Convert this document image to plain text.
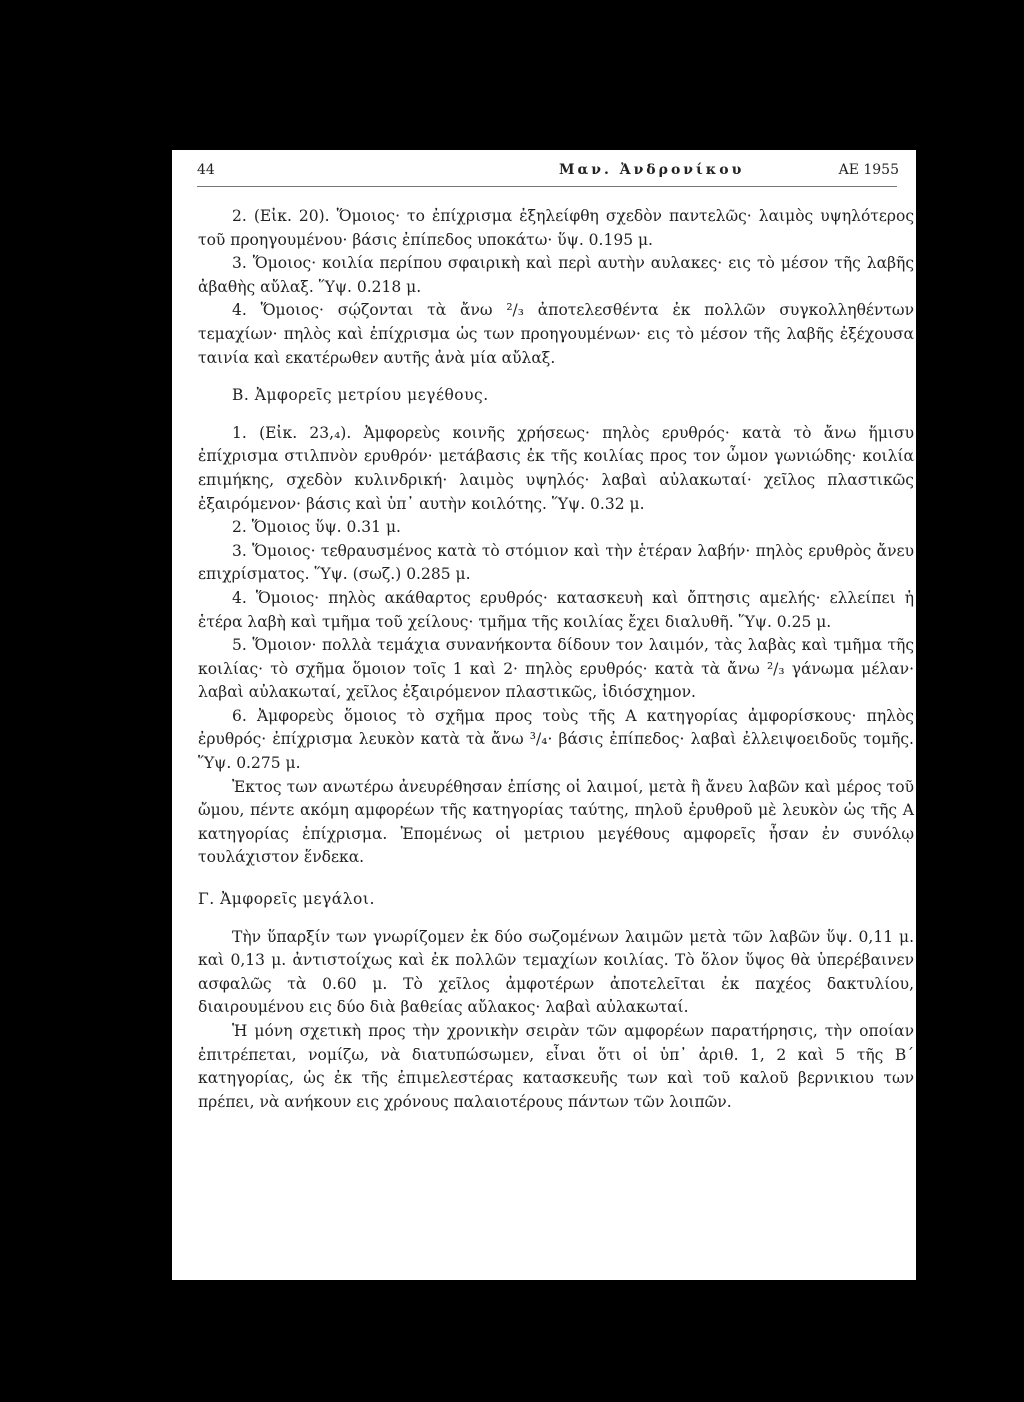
44	Μαν. Ἀνδρονίκου	ΑΕ 1955

2. (Εἰκ. 20). Ὅμοιος· το ἐπίχρισμα ἐξηλείφθη σχεδὸν παντελῶς· λαιμὸς υψηλότερος τοῦ προηγουμένου· βάσις ἐπίπεδος υποκάτω· ὕψ. 0.195 μ.

3. Ὅμοιος· κοιλία περίπου σφαιρικὴ καὶ περὶ αυτὴν αυλακες· εις τὸ μέσον τῆς λαβῆς ἀβαθὴς αὔλαξ. Ὕψ. 0.218 μ.

4. Ὅμοιος· σῴζονται τὰ ἄνω ²/₃ ἀποτελεσθέντα ἐκ πολλῶν συγκολληθέντων τεμαχίων· πηλὸς καὶ ἐπίχρισμα ὡς των προηγουμένων· εις τὸ μέσον τῆς λαβῆς ἐξέχουσα ταινία καὶ εκατέρωθεν αυτῆς ἀνὰ μία αὔλαξ.

Β. Ἀμφορεῖς μετρίου μεγέθους.

1. (Εἰκ. 23,₄). Ἀμφορεὺς κοινῆς χρήσεως· πηλὸς ερυθρός· κατὰ τὸ ἄνω ἥμισυ ἐπίχρισμα στιλπνὸν ερυθρόν· μετάβασις ἐκ τῆς κοιλίας προς τον ὦμον γωνιώδης· κοιλία επιμήκης, σχεδὸν κυλινδρική· λαιμὸς υψηλός· λαβαὶ αὐλακωταί· χεῖλος πλαστικῶς ἐξαιρόμενον· βάσις καὶ ὑπ᾽ αυτὴν κοιλότης. Ὕψ. 0.32 μ.

2. Ὅμοιος ὕψ. 0.31 μ.

3. Ὅμοιος· τεθραυσμένος κατὰ τὸ στόμιον καὶ τὴν ἑτέραν λαβήν· πηλὸς ερυθρὸς ἄνευ επιχρίσματος. Ὕψ. (σωζ.) 0.285 μ.

4. Ὅμοιος· πηλὸς ακάθαρτος ερυθρός· κατασκευὴ καὶ ὄπτησις αμελής· ελλείπει ἡ ἑτέρα λαβὴ καὶ τμῆμα τοῦ χείλους· τμῆμα τῆς κοιλίας ἔχει διαλυθῆ. Ὕψ. 0.25 μ.

5. Ὅμοιον· πολλὰ τεμάχια συνανήκοντα δίδουν τον λαιμόν, τὰς λαβὰς καὶ τμῆμα τῆς κοιλίας· τὸ σχῆμα ὅμοιον τοῖς 1 καὶ 2· πηλὸς ερυθρός· κατὰ τὰ ἄνω ²/₃ γάνωμα μέλαν· λαβαὶ αὐλακωταί, χεῖλος ἐξαιρόμενον πλαστικῶς, ἰδιόσχημον.

6. Ἀμφορεὺς ὅμοιος τὸ σχῆμα προς τοὺς τῆς Α κατηγορίας ἀμφορίσκους· πηλὸς ἐρυθρός· ἐπίχρισμα λευκὸν κατὰ τὰ ἄνω ³/₄· βάσις ἐπίπεδος· λαβαὶ ἐλλειψοειδοῦς τομῆς. Ὕψ. 0.275 μ.

Ἐκτος των ανωτέρω ἀνευρέθησαν ἐπίσης οἱ λαιμοί, μετὰ ἢ ἄνευ λαβῶν καὶ μέρος τοῦ ὤμου, πέντε ακόμη αμφορέων τῆς κατηγορίας ταύτης, πηλοῦ ἐρυθροῦ μὲ λευκὸν ὡς τῆς Α κατηγορίας ἐπίχρισμα. Ἐπομένως οἱ μετριου μεγέθους αμφορεῖς ἦσαν ἐν συνόλῳ τουλάχιστον ἕνδεκα.

Γ. Ἀμφορεῖς μεγάλοι.

Τὴν ὕπαρξίν των γνωρίζομεν ἐκ δύο σωζομένων λαιμῶν μετὰ τῶν λαβῶν ὕψ. 0,11 μ. καὶ 0,13 μ. ἀντιστοίχως καὶ ἐκ πολλῶν τεμαχίων κοιλίας. Τὸ ὅλον ὕψος θὰ ὑπερέβαινεν ασφαλῶς τὰ 0.60 μ. Τὸ χεῖλος ἀμφοτέρων ἀποτελεῖται ἐκ παχέος δακτυλίου, διαιρουμένου εις δύο διὰ βαθείας αὔλακος· λαβαὶ αὐλακωταί.

Ἡ μόνη σχετικὴ προς τὴν χρονικὴν σειρὰν τῶν αμφορέων παρατήρησις, τὴν οποίαν ἐπιτρέπεται, νομίζω, νὰ διατυπώσωμεν, εἶναι ὅτι οἱ ὑπ᾽ ἀριθ. 1, 2 καὶ 5 τῆς Β΄ κατηγορίας, ὡς ἐκ τῆς ἐπιμελεστέρας κατασκευῆς των καὶ τοῦ καλοῦ βερνικιου των πρέπει, νὰ ανήκουν εις χρόνους παλαιοτέρους πάντων τῶν λοιπῶν.
